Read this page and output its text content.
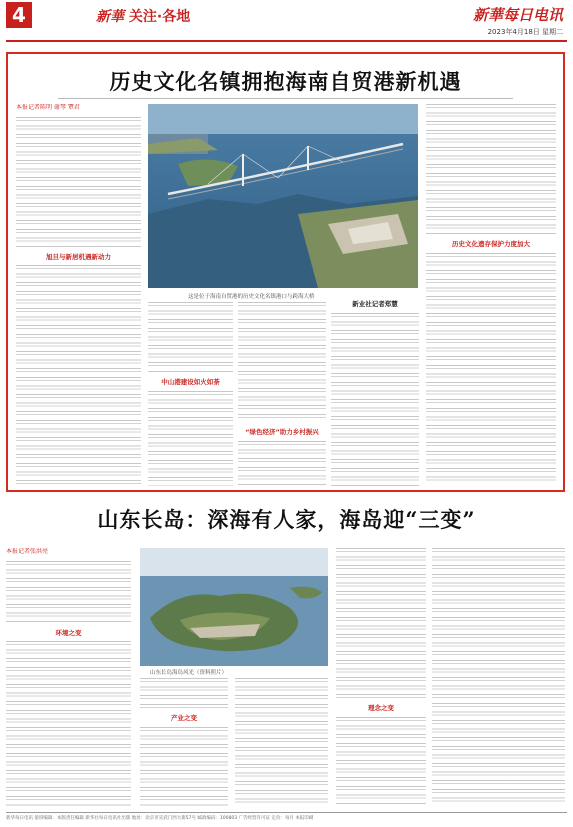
4	新華 关注·各地	新華每日电讯
2023年4月18日 星期二
历史文化名镇拥抱海南自贸港新机遇
本报记者陈明 谢琴 覃君
旭旦与新居机遇新动力
这是位于海南自贸港的历史文化名镇港口与跨海大桥
中山港建设如火如荼
“绿色经济”助力乡村振兴
新业社记者郑慧
历史文化遗存保护力度加大
山东长岛：深海有人家，海岛迎“三变”
本报记者张洪亮
环境之变
山东长岛海岛风光（资料照片）
产业之变
理念之变
新华每日电讯 值班编辑：本版责任编辑 新华社每日电讯社出版 地址：北京市宣武门西大街57号 邮政编码：100803 广告经营许可证 定价：每月 本报印刷
